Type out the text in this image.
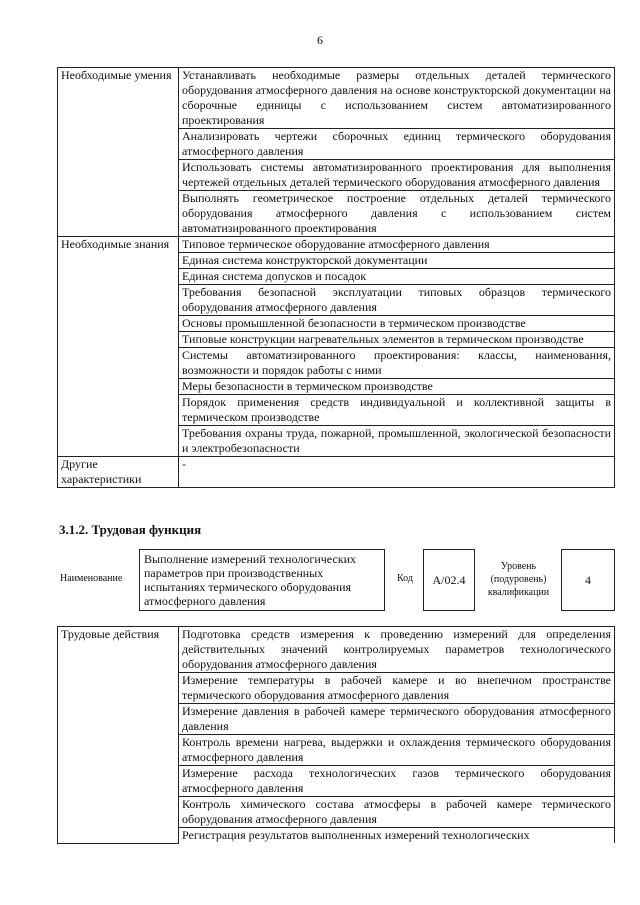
6
Необходимые умения	Устанавливать необходимые размеры отдельных деталей термического оборудования атмосферного давления на основе конструкторской документации на сборочные единицы с использованием систем автоматизированного проектирования
	Анализировать чертежи сборочных единиц термического оборудования атмосферного давления
	Использовать системы автоматизированного проектирования для выполнения чертежей отдельных деталей термического оборудования атмосферного давления
	Выполнять геометрическое построение отдельных деталей термического оборудования атмосферного давления с использованием систем автоматизированного проектирования
Необходимые знания	Типовое термическое оборудование атмосферного давления
	Единая система конструкторской документации
	Единая система допусков и посадок
	Требования безопасной эксплуатации типовых образцов термического оборудования атмосферного давления
	Основы промышленной безопасности в термическом производстве
	Типовые конструкции нагревательных элементов в термическом производстве
	Системы автоматизированного проектирования: классы, наименования, возможности и порядок работы с ними
	Меры безопасности в термическом производстве
	Порядок применения средств индивидуальной и коллективной защиты в термическом производстве
	Требования охраны труда, пожарной, промышленной, экологической безопасности и электробезопасности
Другие характеристики	-
3.1.2. Трудовая функция
Наименование
Выполнение измерений технологических параметров при производственных испытаниях термического оборудования атмосферного давления
Код	A/02.4
Уровень (подуровень) квалификации
4
Трудовые действия	Подготовка средств измерения к проведению измерений для определения действительных значений контролируемых параметров технологического оборудования атмосферного давления
Измерение температуры в рабочей камере и во внепечном пространстве термического оборудования атмосферного давления
Измерение давления в рабочей камере термического оборудования атмосферного давления
Контроль времени нагрева, выдержки и охлаждения термического оборудования атмосферного давления
Измерение расхода технологических газов термического оборудования атмосферного давления
Контроль химического состава атмосферы в рабочей камере термического оборудования атмосферного давления
Регистрация результатов выполненных измерений технологических
